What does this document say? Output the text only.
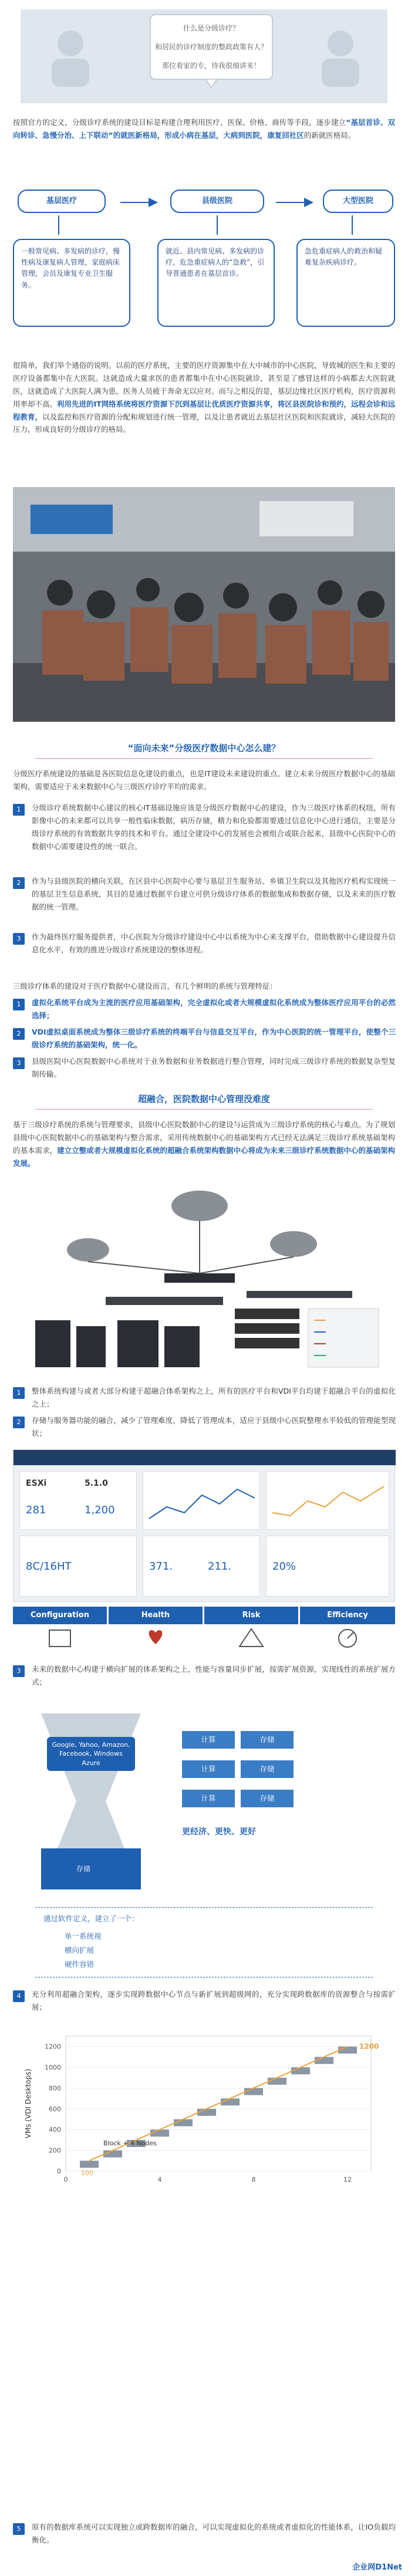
什么是分级诊疗？
和居民的诊疗制度的整政政策有人？
那位看家的专，待我很细讲来！
按照官方的定义，分级诊疗系统的建设目标是构建合理利用医疗、医保、价格、商传等手段，逐步建立“基层首诊、双向转诊、急慢分治、上下联动”的就医新格局，形成小病在基层，大病到医院，康复回社区的新就医格局。
基层医疗	县级医院	大型医院
一般常见病、多发病的诊疗，慢性病及康复病人管理，家庭病床管理，会员及康复专业卫生服务。
就近、县内常见病、多发病的诊疗，危急重症病人的“急救”，引导普通患者在基层首诊。
急危重症病人的救治和疑难复杂疾病诊疗。
很简单，我们举个通俗的说明。以前的医疗系统，主要的医疗资源集中在大中城市的中心医院，导致城的医生和主要的医疗设备都集中在大医院。这就造成大量求医的患者都集中在中心医院就诊，甚至是了感冒这样的小病都去大医院就医，这就造成了大医院人满为患，医务人员疲于奔命无以应对。而与之相反的是，基层边缘社区医疗机构，医疗资源利用率却不高。利用先进的IT网络系统将医疗资源下沉到基层让优质医疗资源共享，将区县医院诊和预约，远程会诊和远程教育，以及监控和医疗资源的分配和规划进行统一管理，以及让患者就近去基层社区医院和医院就诊，减轻大医院的压力，形成良好的分级诊疗的格局。
“面向未来”分级医疗数据中心怎么建？
分级医疗系统建设的基础是各医院信息化建设的重点，也是IT建设未来建设的重点。建立未来分级医疗数据中心的基础架构，需要适应于未来数据中心与三级医疗诊疗平均的需求。
1	分级诊疗系统数据中心建议的核心IT基础设施应该是分级医疗数据中心的建设，作为三级医疗体系的权纽，所有影像中心的未来都可以共享一般性临床数据，病历存储，精力和化验都需要通过信息化中心进行通信，主要是分级诊疗系统的有效数据共享的技术和平台。通过全建设中心的发展也会被组合或联合起来，县级中心医院中心的数据中心需要建设性的统一联合。
2	作为与县级医院的横向关联，在区县中心医院中心要与基层卫生服务站、乡镇卫生院以及其他医疗机构实现统一的基层卫生信息系统，其目的是通过数据平台建立可供分级诊疗体系的数据集成和数据存储，以及未来的医疗数据的统一管理。
3	作为最终医疗服务提供者，中心医院为分级诊疗建设中心中以系统为中心来支撑平台，借助数据中心建设提升信息化水平，有效的推进分级诊疗系统建设的整体进程。
三级诊疗体系的建设对于医疗数据中心建设而言，有几个鲜明的系统与管理特征：
1	虚拟化系统平台成为主流的医疗应用基础架构，完全虚拟化或者大规模虚拟化系统成为整体医疗应用平台的必然选择；
2	VDI虚拟桌面系统成为整体三级诊疗系统的终端平台与信息交互平台，作为中心医院的统一管理平台，使整个三级诊疗系统的基础架构，统一化。
3	县级医院中心医院数据中心系统对于业务数据和业务数据进行整合管理，同时完成三级诊疗系统的数据复杂型复制传输。
超融合，医院数据中心管理没难度
基于三级诊疗系统的系统与管理要求，县级中心医院数据中心的建设与运营成为三级诊疗系统的核心与难点。为了规划县级中心医院数据中心的基础架构与整合需求，采用传统数据中心的基础架构方式已经无法满足三级诊疗系统基础架构的基本需求，建立立整或者大规模虚拟化系统的超融合系统架构数据中心将成为未来三级诊疗系统数据中心的基础架构发展。
1	整体系统构建与或者大部分构建于超融合体系架构之上，所有的医疗平台和VDI平台均建于超融合平台的虚拟化之上；
2	存储与服务器功能的融合，减少了管理难度，降低了管理成本，适应于县级中心医院整理水平较低的管理能型现状；
ESXi	5.1.0
281	1,200
8C/16HT	371.	211.	20%
Configuration	Health	Risk	Efficiency
3	未来的数据中心构建于横向扩展的体系架构之上，性能与容量同步扩展，按需扩展资源，实现线性的系统扩展方式；
Google, Yahoo, Amazon, Facebook, Windows Azure
存储
计算	存储
计算	存储
计算	存储
更经济、更快、更好
通过软件定义，建立了一个：
单一系统视
横向扩展
硬件容错
4	充分利用超融合架构，逐步实现跨数据中心节点与新扩展到超级网的，充分实现跨数据库的资源整合与按需扩展；
1200
1000
800
600
400
200
0
VMs (VDI Desktops)
0	4	8	12
1200
Block + 4 Nodes
100
5	原有的数据库系统可以实现独立或跨数据库的融合，可以实现虚拟化的系统或者虚拟化的性能体系，让IO负载均衡化。
企业网D1Net
